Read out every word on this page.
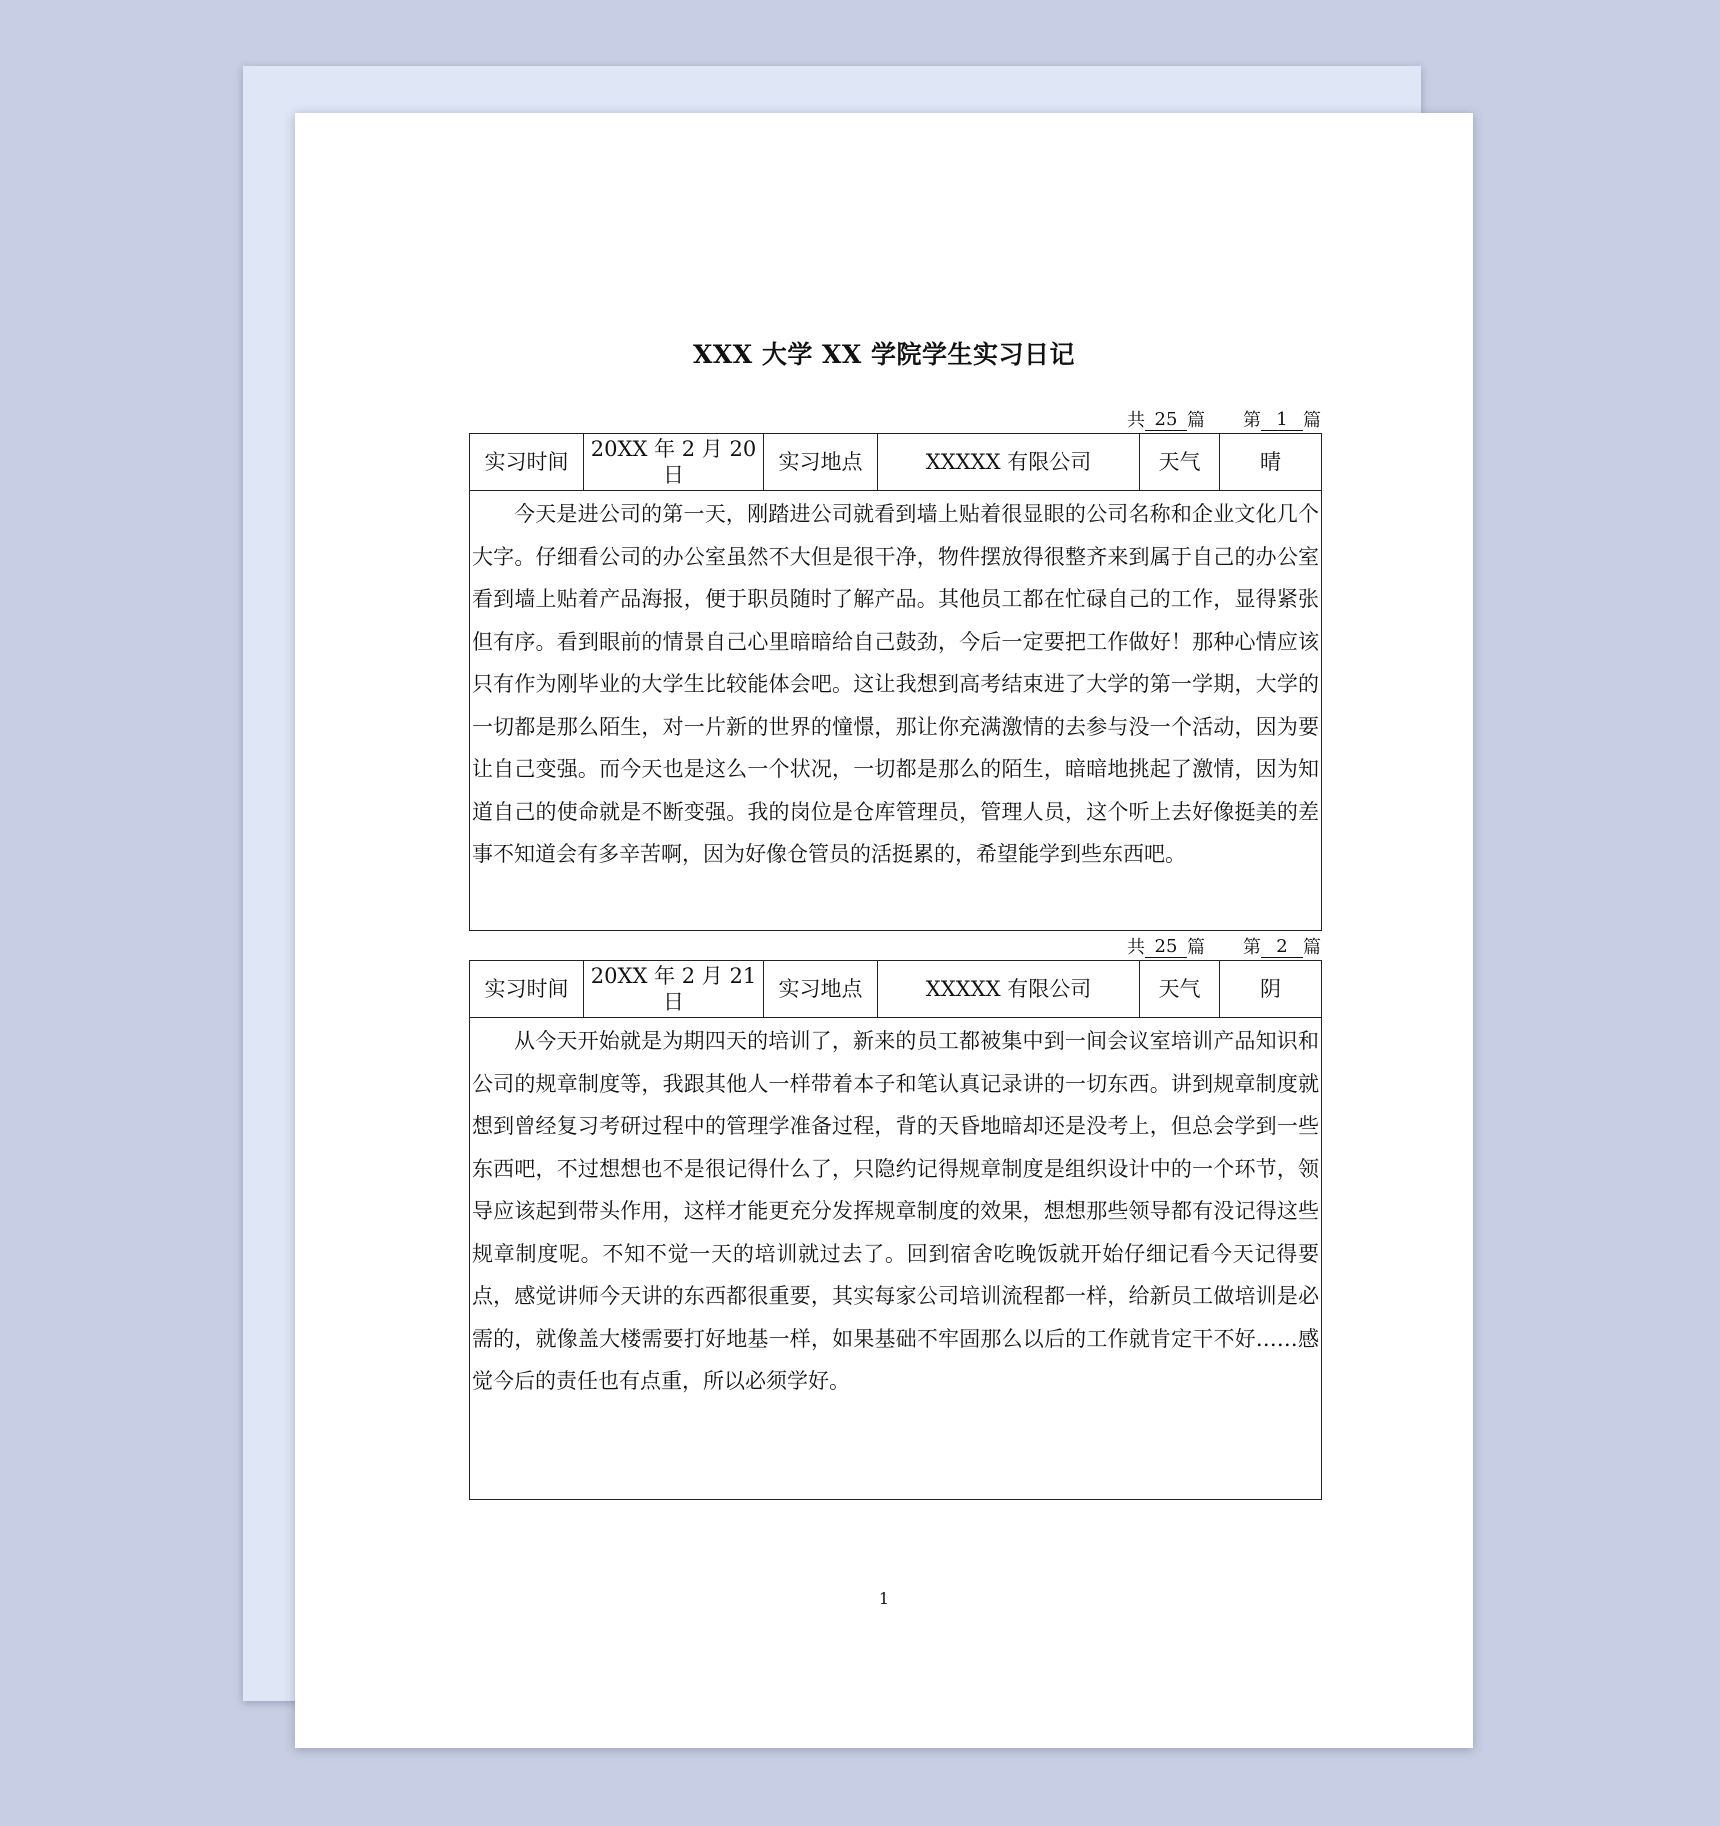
XXX 大学 XX 学院学生实习日记
共 25 篇 第 1 篇
实习时间	20XX 年 2 月 20 日	实习地点	XXXXX 有限公司	天气	晴

今天是进公司的第一天，刚踏进公司就看到墙上贴着很显眼的公司名称和企业文化几个大字。仔细看公司的办公室虽然不大但是很干净，物件摆放得很整齐来到属于自己的办公室看到墙上贴着产品海报，便于职员随时了解产品。其他员工都在忙碌自己的工作，显得紧张但有序。看到眼前的情景自己心里暗暗给自己鼓劲，今后一定要把工作做好！那种心情应该只有作为刚毕业的大学生比较能体会吧。这让我想到高考结束进了大学的第一学期，大学的一切都是那么陌生，对一片新的世界的憧憬，那让你充满激情的去参与没一个活动，因为要让自己变强。而今天也是这么一个状况，一切都是那么的陌生，暗暗地挑起了激情，因为知道自己的使命就是不断变强。我的岗位是仓库管理员，管理人员，这个听上去好像挺美的差事不知道会有多辛苦啊，因为好像仓管员的活挺累的，希望能学到些东西吧。

共 25 篇 第 2 篇
实习时间	20XX 年 2 月 21 日	实习地点	XXXXX 有限公司	天气	阴

从今天开始就是为期四天的培训了，新来的员工都被集中到一间会议室培训产品知识和公司的规章制度等，我跟其他人一样带着本子和笔认真记录讲的一切东西。讲到规章制度就想到曾经复习考研过程中的管理学准备过程，背的天昏地暗却还是没考上，但总会学到一些东西吧，不过想想也不是很记得什么了，只隐约记得规章制度是组织设计中的一个环节，领导应该起到带头作用，这样才能更充分发挥规章制度的效果，想想那些领导都有没记得这些规章制度呢。不知不觉一天的培训就过去了。回到宿舍吃晚饭就开始仔细记看今天记得要点，感觉讲师今天讲的东西都很重要，其实每家公司培训流程都一样，给新员工做培训是必需的，就像盖大楼需要打好地基一样，如果基础不牢固那么以后的工作就肯定干不好……感觉今后的责任也有点重，所以必须学好。

1
